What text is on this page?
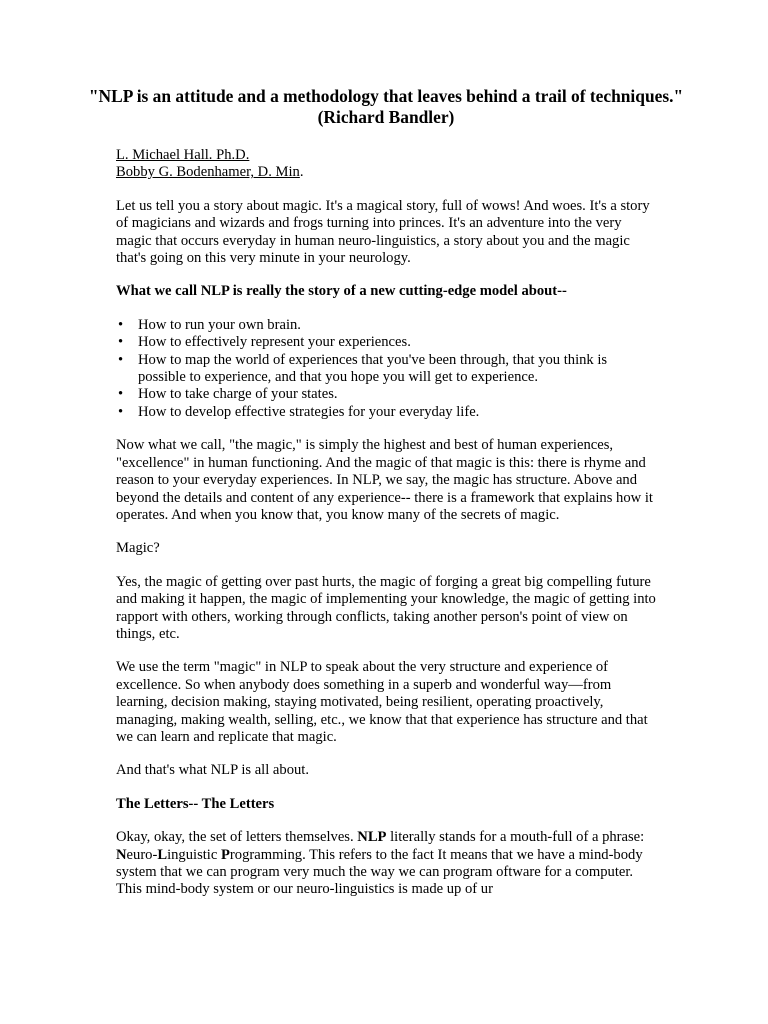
"NLP is an attitude and a methodology that leaves behind a trail of techniques." (Richard Bandler)
L. Michael Hall. Ph.D.
Bobby G. Bodenhamer, D. Min.

Let us tell you a story about magic. It's a magical story, full of wows! And woes. It's a story of magicians and wizards and frogs turning into princes. It's an adventure into the very magic that occurs everyday in human neuro-linguistics, a story about you and the magic that's going on this very minute in your neurology.

What we call NLP is really the story of a new cutting-edge model about--

• How to run your own brain.
• How to effectively represent your experiences.
• How to map the world of experiences that you've been through, that you think is possible to experience, and that you hope you will get to experience.
• How to take charge of your states.
• How to develop effective strategies for your everyday life.

Now what we call, "the magic," is simply the highest and best of human experiences, "excellence" in human functioning. And the magic of that magic is this: there is rhyme and reason to your everyday experiences. In NLP, we say, the magic has structure. Above and beyond the details and content of any experience-- there is a framework that explains how it operates. And when you know that, you know many of the secrets of magic.

Magic?

Yes, the magic of getting over past hurts, the magic of forging a great big compelling future and making it happen, the magic of implementing your knowledge, the magic of getting into rapport with others, working through conflicts, taking another person's point of view on things, etc.

We use the term "magic" in NLP to speak about the very structure and experience of excellence. So when anybody does something in a superb and wonderful way—from learning, decision making, staying motivated, being resilient, operating proactively, managing, making wealth, selling, etc., we know that that experience has structure and that we can learn and replicate that magic.

And that's what NLP is all about.

The Letters-- The Letters

Okay, okay, the set of letters themselves. NLP literally stands for a mouth-full of a phrase: Neuro-Linguistic Programming. This refers to the fact It means that we have a mind-body system that we can program very much the way we can program oftware for a computer. This mind-body system or our neuro-linguistics is made up of ur
